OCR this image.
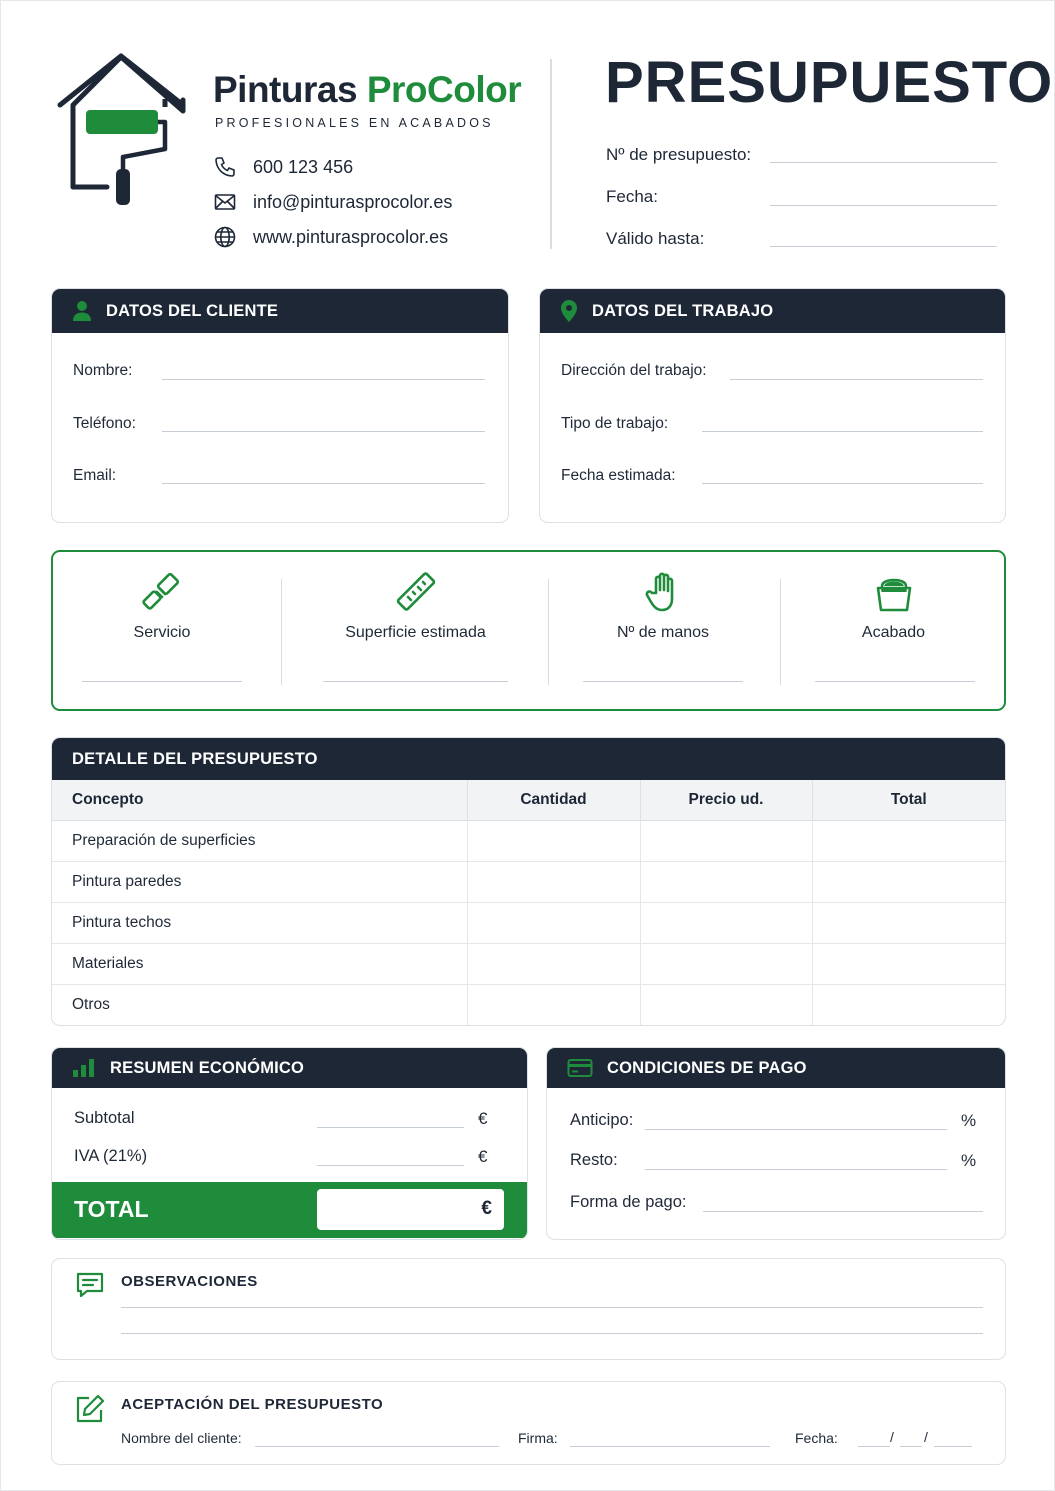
Pinturas ProColor
PROFESIONALES EN ACABADOS
600 123 456
info@pinturasprocolor.es
www.pinturasprocolor.es
PRESUPUESTO
Nº de presupuesto:
Fecha:
Válido hasta:
DATOS DEL CLIENTE
Nombre:
Teléfono:
Email:
DATOS DEL TRABAJO
Dirección del trabajo:
Tipo de trabajo:
Fecha estimada:
Servicio	Superficie estimada	Nº de manos	Acabado
DETALLE DEL PRESUPUESTO
Concepto	Cantidad	Precio ud.	Total
Preparación de superficies			
Pintura paredes			
Pintura techos			
Materiales			
Otros			
RESUMEN ECONÓMICO
Subtotal	€
IVA (21%)	€
TOTAL	€
CONDICIONES DE PAGO
Anticipo:	%
Resto:	%
Forma de pago:
OBSERVACIONES
ACEPTACIÓN DEL PRESUPUESTO
Nombre del cliente:	Firma:	Fecha:	/ /
